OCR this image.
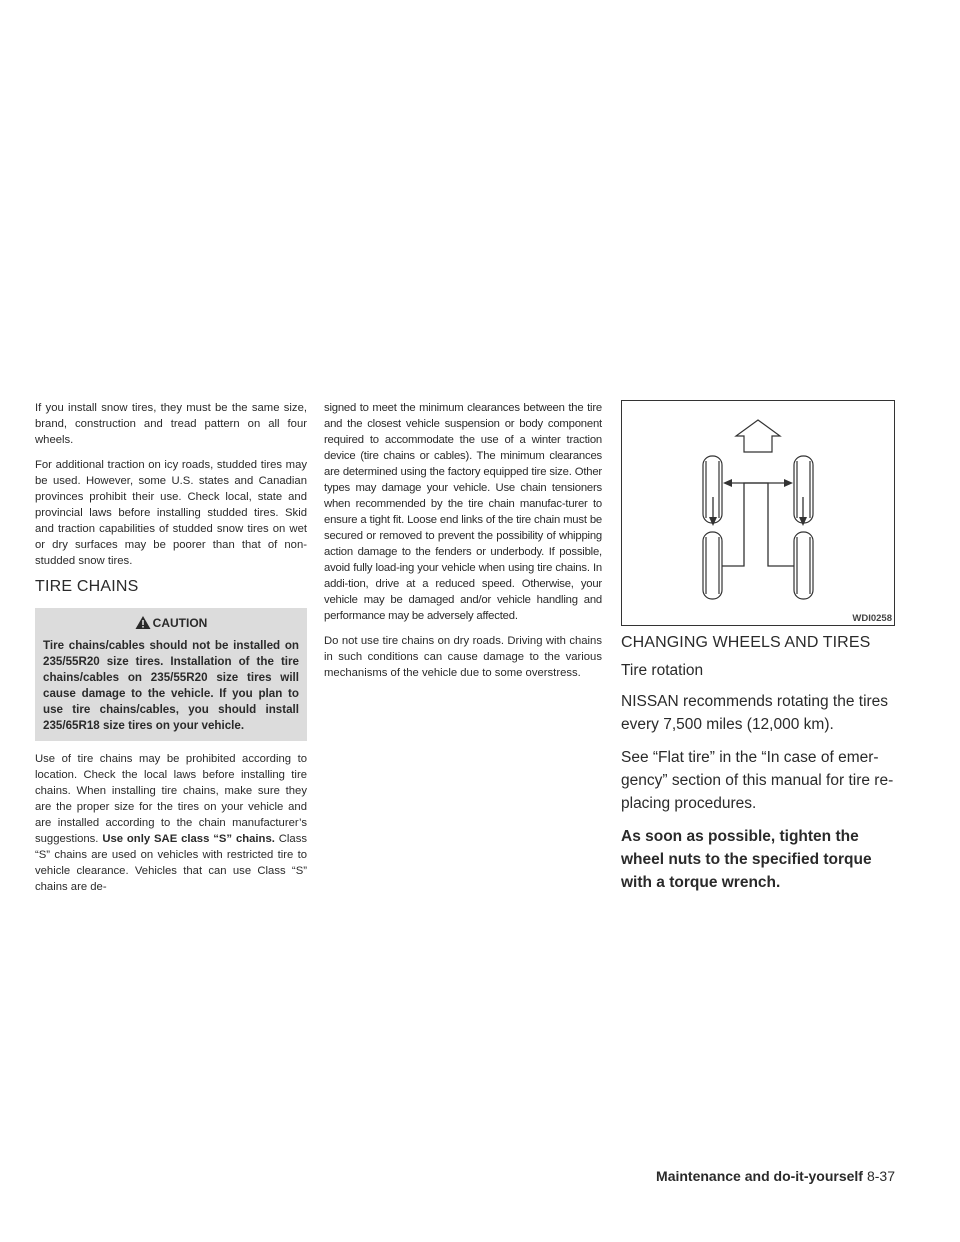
If you install snow tires, they must be the same size, brand, construction and tread pattern on all four wheels.

For additional traction on icy roads, studded tires may be used. However, some U.S. states and Canadian provinces prohibit their use. Check local, state and provincial laws before installing studded tires. Skid and traction capabilities of studded snow tires on wet or dry surfaces may be poorer than that of non-studded snow tires.

TIRE CHAINS
CAUTION
Tire chains/cables should not be installed on 235/55R20 size tires. Installation of the tire chains/cables on 235/55R20 size tires will cause damage to the vehicle. If you plan to use tire chains/cables, you should install 235/65R18 size tires on your vehicle.

Use of tire chains may be prohibited according to location. Check the local laws before installing tire chains. When installing tire chains, make sure they are the proper size for the tires on your vehicle and are installed according to the chain manufacturer’s suggestions. Use only SAE class “S” chains. Class “S” chains are used on vehicles with restricted tire to vehicle clearance. Vehicles that can use Class “S” chains are de-

signed to meet the minimum clearances between the tire and the closest vehicle suspension or body component required to accommodate the use of a winter traction device (tire chains or cables). The minimum clearances are determined using the factory equipped tire size. Other types may damage your vehicle. Use chain tensioners when recommended by the tire chain manufac-turer to ensure a tight fit. Loose end links of the tire chain must be secured or removed to prevent the possibility of whipping action damage to the fenders or underbody. If possible, avoid fully load-ing your vehicle when using tire chains. In addi-tion, drive at a reduced speed. Otherwise, your vehicle may be damaged and/or vehicle handling and performance may be adversely affected.

Do not use tire chains on dry roads. Driving with chains in such conditions can cause damage to the various mechanisms of the vehicle due to some overstress.

WDI0258
CHANGING WHEELS AND TIRES
Tire rotation

NISSAN recommends rotating the tires every 7,500 miles (12,000 km).

See “Flat tire” in the “In case of emer-gency” section of this manual for tire re-placing procedures.

As soon as possible, tighten the wheel nuts to the specified torque with a torque wrench.

Maintenance and do-it-yourself 8-37
